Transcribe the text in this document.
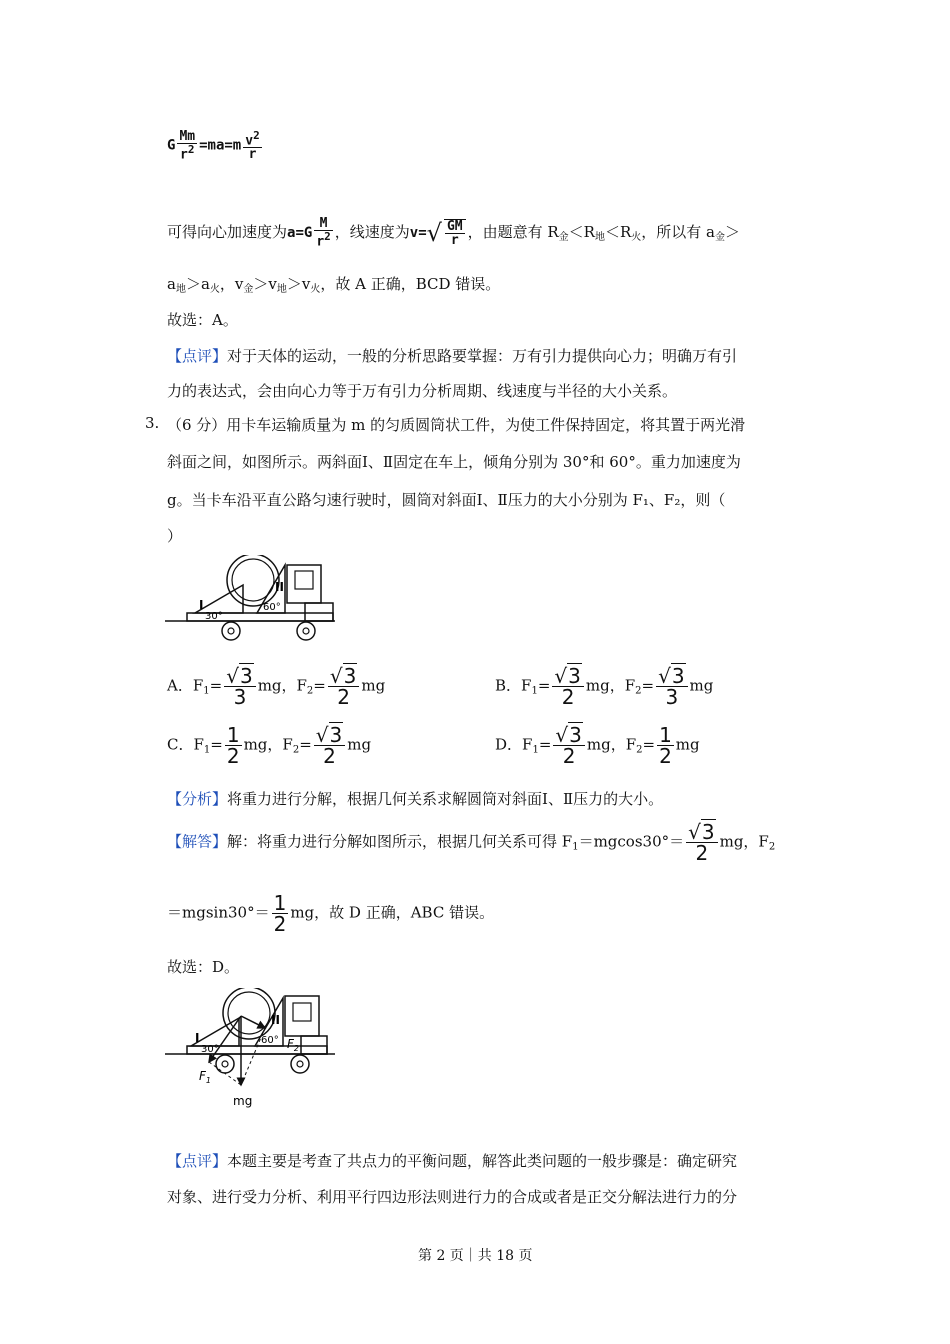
G $\frac{Mm}{r^2} =ma=m \frac{v^2}{r}$
可得向心加速度为$a=G \frac{M}{r^2}$ ，线速度为$v=√ \frac{GM}{r}$ ，由题意有 $R_金<R_地<R_火$，所以有 $a_金>$
$a_地>a_火$，$v_金>v_地>v_火$，故 A 正确，BCD 错误。
故选：A。
【点评】对于天体的运动，一般的分析思路要掌握：万有引力提供向心力；明确万有引
力的表达式，会由向心力等于万有引力分析周期、线速度与半径的大小关系。
3. （6 分）用卡车运输质量为 m 的匀质圆筒状工件，为使工件保持固定，将其置于两光滑
斜面之间，如图所示。两斜面Ⅰ、Ⅱ固定在车上，倾角分别为 30°和 60°。重力加速度为
g。当卡车沿平直公路匀速行驶时，圆筒对斜面Ⅰ、Ⅱ压力的大小分别为 F₁、F₂，则（
）
I
30°
II
60°
A．$F_1= \frac{√3}{3}$ mg，$F_2= \frac{√3}{2}$ mg	B．$F_1= \frac{√3}{2}$ mg，$F_2= \frac{√3}{3}$ mg
C．$F_1= \frac{1}{2}$ mg，$F_2= \frac{√3}{2}$ mg	D．$F_1= \frac{√3}{2}$ mg，$F_2= \frac{1}{2}$ mg
【分析】将重力进行分解，根据几何关系求解圆筒对斜面Ⅰ、Ⅱ压力的大小。
【解答】解：将重力进行分解如图所示，根据几何关系可得 $F_1=mgcos30^\circ= \frac{√3}{2}$ mg，$F_2$
$=mgsin30^\circ= \frac{1}{2}$ mg，故 D 正确，ABC 错误。
故选：D。
I
30°
II
60°
$F_1$
$F_2$
mg
【点评】本题主要是考查了共点力的平衡问题，解答此类问题的一般步骤是：确定研究
对象、进行受力分析、利用平行四边形法则进行力的合成或者是正交分解法进行力的分
第 2 页｜共 18 页
